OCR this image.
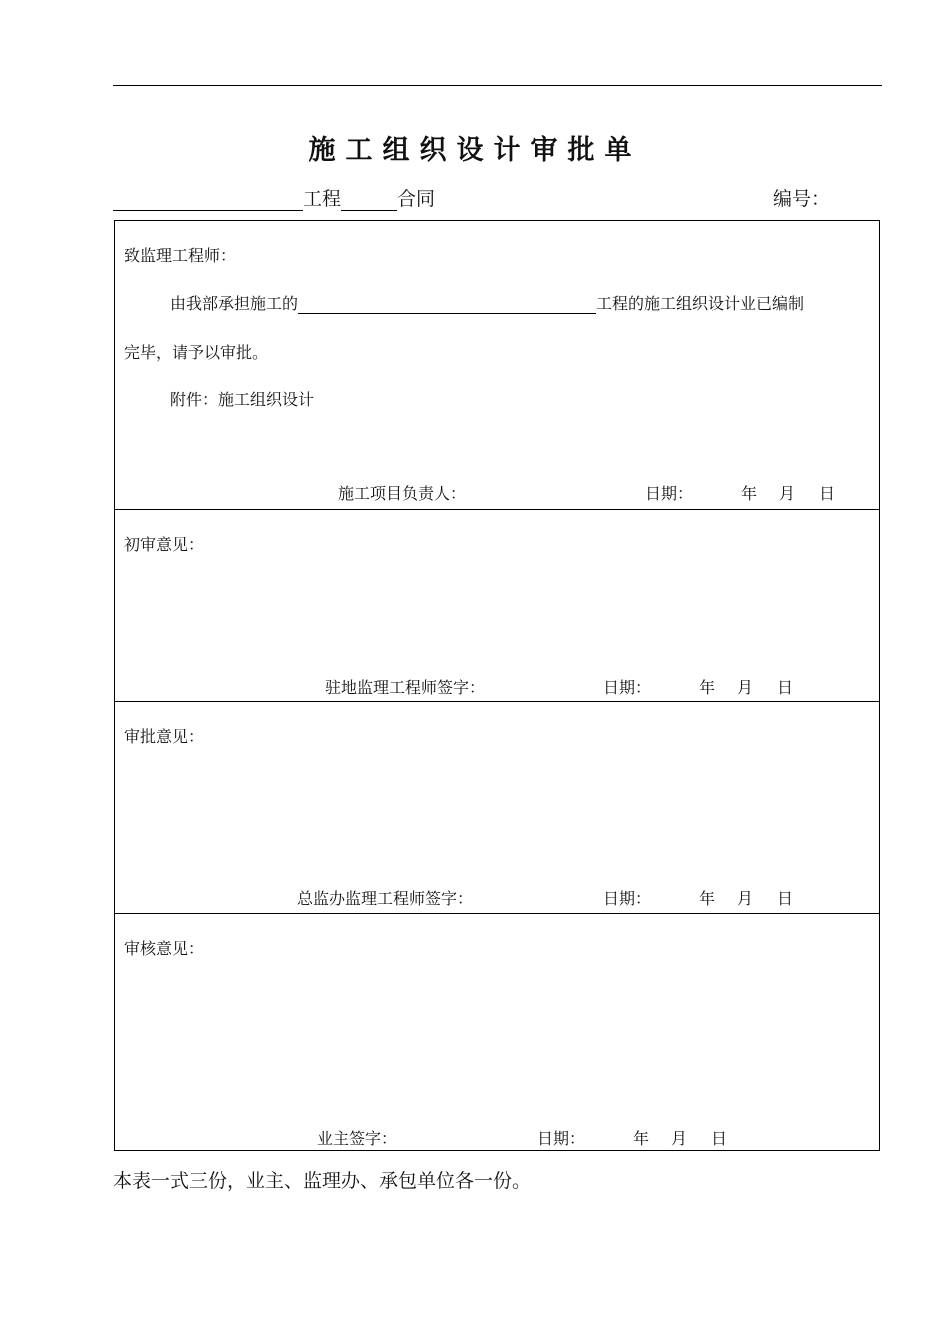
施工组织设计审批单
工程	合同	编号：
致监理工程师：
由我部承担施工的	工程的施工组织设计业已编制
完毕，请予以审批。
附件：施工组织设计
施工项目负责人：	日期：	年 月 日
初审意见：
驻地监理工程师签字：	日期：	年 月 日
审批意见：
总监办监理工程师签字：	日期：	年 月 日
审核意见：
业主签字：	日期：	年 月 日
本表一式三份，业主、监理办、承包单位各一份。
